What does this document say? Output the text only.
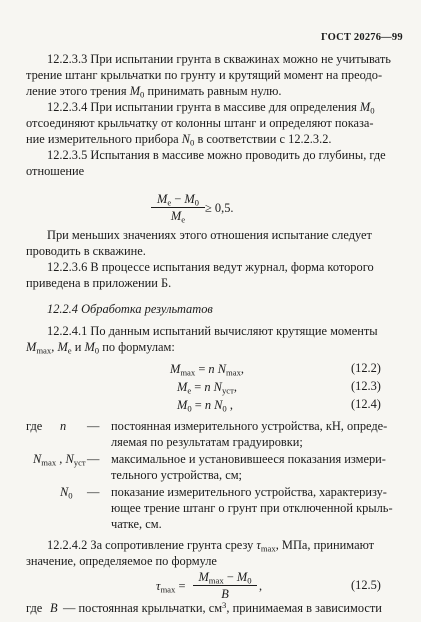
ГОСТ 20276—99
12.2.3.3 При испытании грунта в скважинах можно не учитывать
трение штанг крыльчатки по грунту и крутящий момент на преодо-
ление этого трения $M_0$ принимать равным нулю.
12.2.3.4 При испытании грунта в массиве для определения $M_0$
отсоединяют крыльчатку от колонны штанг и определяют показа-
ние измерительного прибора $N_0$ в соответствии с 12.2.3.2.
12.2.3.5 Испытания в массиве можно проводить до глубины, где
отношение
$M_e - M_0$
$M_e$
≥ 0,5.
При меньших значениях этого отношения испытание следует
проводить в скважине.
12.2.3.6 В процессе испытания ведут журнал, форма которого
приведена в приложении Б.
12.2.4 Обработка результатов
12.2.4.1 По данным испытаний вычисляют крутящие моменты
$M_{max}$, $M_e$ и $M_0$ по формулам:
$M_{max} = n$ $N_{max}$,	(12.2)
$M_e = n$ $N_{уст}$,	(12.3)
$M_0 = n$ $N_0$ ,	(12.4)
где n — постоянная измерительного устройства, кН, опреде-
ляемая по результатам градуировки;
$N_{max}$ , $N_{уст}$ — максимальное и установившееся показания измери-
тельного устройства, см;
$N_0$ — показание измерительного устройства, характеризу-
ющее трение штанг о грунт при отключенной крыль-
чатке, см.
12.2.4.2 За сопротивление грунта срезу $\tau_{max}$, МПа, принимают
значение, определяемое по формуле
$\tau_{max}$ =
$M_{max} - M_0$
B
,	(12.5)
где B — постоянная крыльчатки, $см^3$, принимаемая в зависимости
